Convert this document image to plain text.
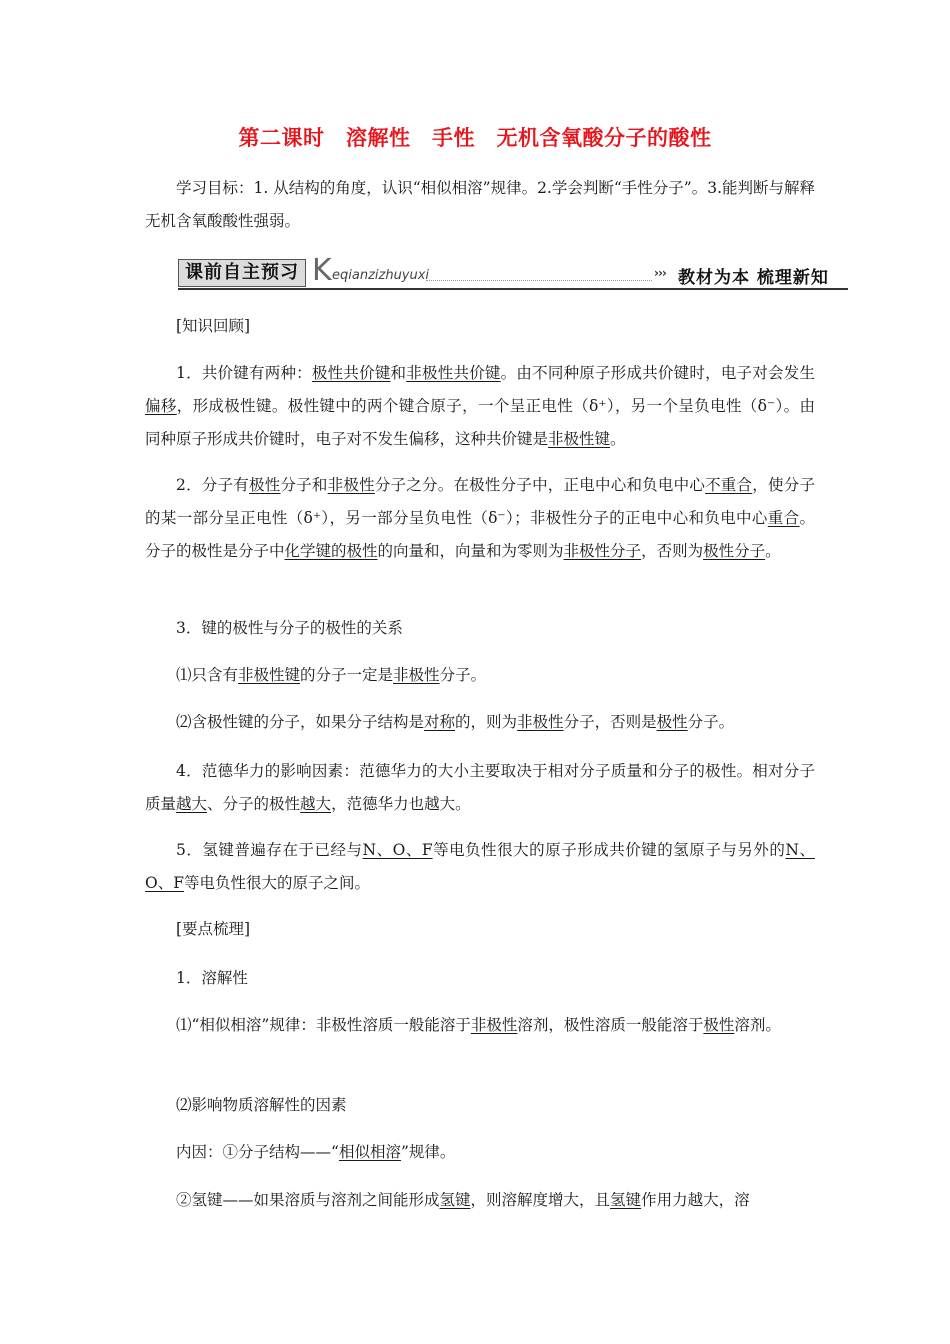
第二课时　溶解性　手性　无机含氧酸分子的酸性
学习目标：1. 从结构的角度，认识“相似相溶”规律。2.学会判断“手性分子”。3.能判断与解释无机含氧酸酸性强弱。
课前自主预习 K eqianzizhuyuxi	››› 教材为本 梳理新知
[知识回顾]
1．共价键有两种：极性共价键和非极性共价键。由不同种原子形成共价键时，电子对会发生偏移，形成极性键。极性键中的两个键合原子，一个呈正电性（δ⁺），另一个呈负电性（δ⁻）。由同种原子形成共价键时，电子对不发生偏移，这种共价键是非极性键。
2．分子有极性分子和非极性分子之分。在极性分子中，正电中心和负电中心不重合，使分子的某一部分呈正电性（δ⁺），另一部分呈负电性（δ⁻）；非极性分子的正电中心和负电中心重合。分子的极性是分子中化学键的极性的向量和，向量和为零则为非极性分子，否则为极性分子。
3．键的极性与分子的极性的关系
⑴只含有非极性键的分子一定是非极性分子。
⑵含极性键的分子，如果分子结构是对称的，则为非极性分子，否则是极性分子。
4．范德华力的影响因素：范德华力的大小主要取决于相对分子质量和分子的极性。相对分子质量越大、分子的极性越大，范德华力也越大。
5．氢键普遍存在于已经与N、O、F等电负性很大的原子形成共价键的氢原子与另外的N、O、F等电负性很大的原子之间。
[要点梳理]
1．溶解性
⑴“相似相溶”规律：非极性溶质一般能溶于非极性溶剂，极性溶质一般能溶于极性溶剂。
⑵影响物质溶解性的因素
内因：①分子结构——“相似相溶”规律。
②氢键——如果溶质与溶剂之间能形成氢键，则溶解度增大，且氢键作用力越大，溶
